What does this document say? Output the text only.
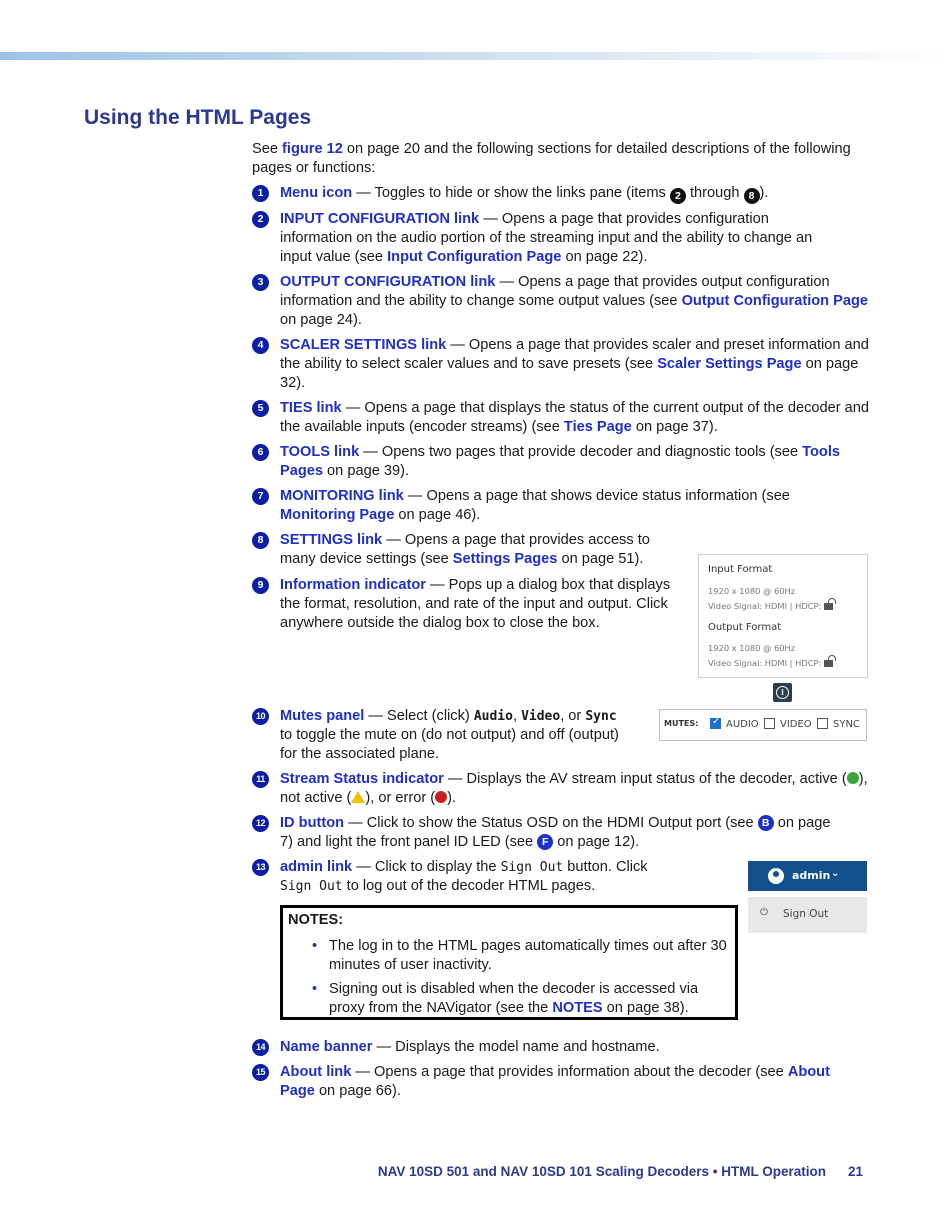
Using the HTML Pages
See figure 12 on page 20 and the following sections for detailed descriptions of the following pages or functions:
1	Menu icon — Toggles to hide or show the links pane (items 2 through 8 ).
2	INPUT CONFIGURATION link — Opens a page that provides configuration information on the audio portion of the streaming input and the ability to change an input value (see Input Configuration Page on page 22).
3	OUTPUT CONFIGURATION link — Opens a page that provides output configuration information and the ability to change some output values (see Output Configuration Page on page 24).
4	SCALER SETTINGS link — Opens a page that provides scaler and preset information and the ability to select scaler values and to save presets (see Scaler Settings Page on page 32).
5	TIES link — Opens a page that displays the status of the current output of the decoder and the available inputs (encoder streams) (see Ties Page on page 37).
6	TOOLS link — Opens two pages that provide decoder and diagnostic tools (see Tools Pages on page 39).
7	MONITORING link — Opens a page that shows device status information (see Monitoring Page on page 46).
8	SETTINGS link — Opens a page that provides access to many device settings (see Settings Pages on page 51).
9	Information indicator — Pops up a dialog box that displays the format, resolution, and rate of the input and output. Click anywhere outside the dialog box to close the box.
Input Format
1920 x 1080 @ 60Hz
Video Signal: HDMI | HDCP:
Output Format
1920 x 1080 @ 60Hz
Video Signal: HDMI | HDCP:
i
10 Mutes panel — Select (click) Audio, Video, or Sync to toggle the mute on (do not output) and off (output) for the associated plane.
MUTES:
✓	AUDIO VIDEO SYNC
11 Stream Status indicator — Displays the AV stream input status of the decoder, active ( ), not active ( ), or error ( ).
12 ID button — Click to show the Status OSD on the HDMI Output port (see B on page 7) and light the front panel ID LED (see F on page 12).
13 admin link — Click to display the Sign Out button. Click Sign Out to log out of the decoder HTML pages.
admin ⌄
⏻ Sign Out
NOTES:
• The log in to the HTML pages automatically times out after 30 minutes of user inactivity.
• Signing out is disabled when the decoder is accessed via proxy from the NAVigator (see the NOTES on page 38).
14 Name banner — Displays the model name and hostname.
15 About link — Opens a page that provides information about the decoder (see About Page on page 66).
NAV 10SD 501 and NAV 10SD 101 Scaling Decoders • HTML Operation 21
